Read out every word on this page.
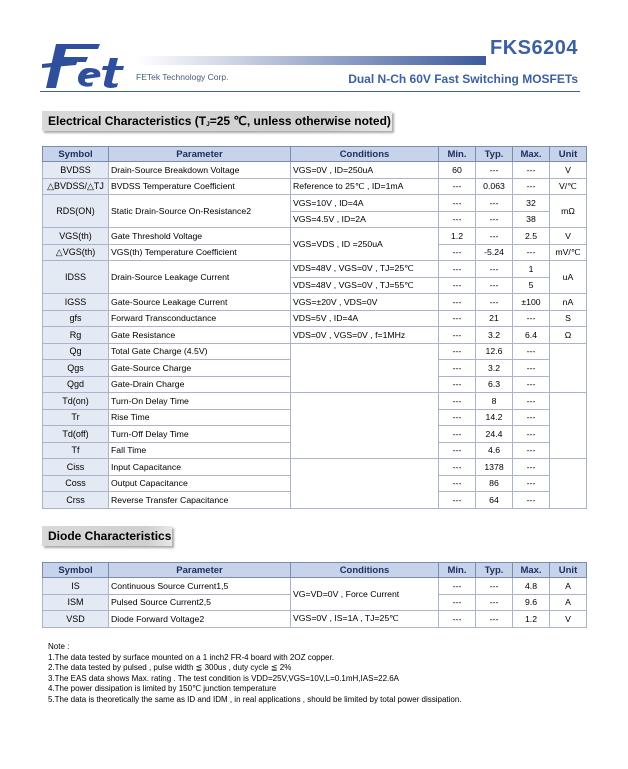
FETek Technology Corp.
FKS6204
Dual N-Ch 60V Fast Switching MOSFETs
Electrical Characteristics ($T_J=25$ ℃, unless otherwise noted)
Symbol	Parameter	Conditions	Min.	Typ.	Max.	Unit
BVDSS	Drain-Source Breakdown Voltage	VGS=0V , ID=250uA	60	---	---	V
△BVDSS/△TJ	BVDSS Temperature Coefficient	Reference to 25℃ , ID=1mA	---	0.063	---	V/℃
RDS(ON)	Static Drain-Source On-Resistance2	VGS=10V , ID=4A	---	---	32	mΩ
		VGS=4.5V , ID=2A	---	---	38	
VGS(th)	Gate Threshold Voltage	VGS=VDS , ID =250uA	1.2	---	2.5	V
△VGS(th)	VGS(th) Temperature Coefficient		---	-5.24	---	mV/℃
IDSS	Drain-Source Leakage Current	VDS=48V , VGS=0V , TJ=25℃	---	---	1	uA
		VDS=48V , VGS=0V , TJ=55℃	---	---	5	
IGSS	Gate-Source Leakage Current	VGS=±20V , VDS=0V	---	---	±100	nA
gfs	Forward Transconductance	VDS=5V , ID=4A	---	21	---	S
Rg	Gate Resistance	VDS=0V , VGS=0V , f=1MHz	---	3.2	6.4	Ω
Qg	Total Gate Charge (4.5V)		---	12.6	---	
Qgs	Gate-Source Charge		---	3.2	---	
Qgd	Gate-Drain Charge		---	6.3	---	
Td(on)	Turn-On Delay Time		---	8	---	
Tr	Rise Time		---	14.2	---	
Td(off)	Turn-Off Delay Time		---	24.4	---	
Tf	Fall Time		---	4.6	---	
Ciss	Input Capacitance		---	1378	---	
Coss	Output Capacitance		---	86	---	
Crss	Reverse Transfer Capacitance		---	64	---	
Diode Characteristics
Symbol	Parameter	Conditions	Min.	Typ.	Max.	Unit
IS	Continuous Source Current1,5	VG=VD=0V , Force Current	---	---	4.8	A
ISM	Pulsed Source Current2,5		---	---	9.6	A
VSD	Diode Forward Voltage2	VGS=0V , IS=1A , TJ=25℃	---	---	1.2	V
Note :
1.The data tested by surface mounted on a 1 inch2 FR-4 board with 2OZ copper.
2.The data tested by pulsed , pulse width ≦ 300us , duty cycle ≦ 2%
3.The EAS data shows Max. rating . The test condition is VDD=25V,VGS=10V,L=0.1mH,IAS=22.6A
4.The power dissipation is limited by 150℃ junction temperature
5.The data is theoretically the same as ID and IDM , in real applications , should be limited by total power dissipation.
